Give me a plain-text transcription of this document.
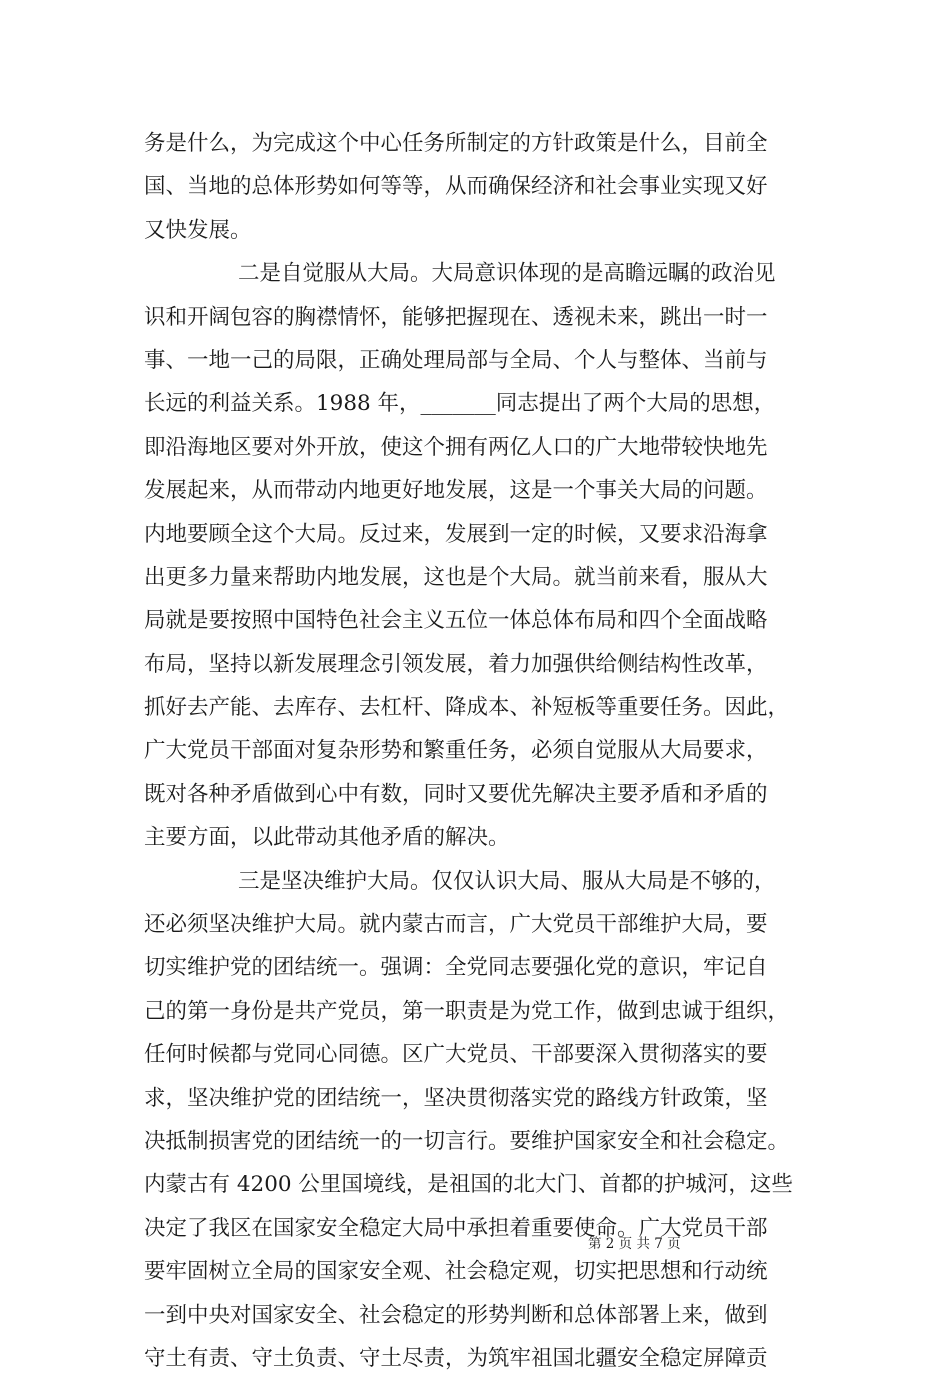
务是什么，为完成这个中心任务所制定的方针政策是什么，目前全
国、当地的总体形势如何等等，从而确保经济和社会事业实现又好
又快发展。
二是自觉服从大局。大局意识体现的是高瞻远瞩的政治见
识和开阔包容的胸襟情怀，能够把握现在、透视未来，跳出一时一
事、一地一己的局限，正确处理局部与全局、个人与整体、当前与
长远的利益关系。1988 年，_______同志提出了两个大局的思想，
即沿海地区要对外开放，使这个拥有两亿人口的广大地带较快地先
发展起来，从而带动内地更好地发展，这是一个事关大局的问题。
内地要顾全这个大局。反过来，发展到一定的时候，又要求沿海拿
出更多力量来帮助内地发展，这也是个大局。就当前来看，服从大
局就是要按照中国特色社会主义五位一体总体布局和四个全面战略
布局，坚持以新发展理念引领发展，着力加强供给侧结构性改革，
抓好去产能、去库存、去杠杆、降成本、补短板等重要任务。因此，
广大党员干部面对复杂形势和繁重任务，必须自觉服从大局要求，
既对各种矛盾做到心中有数，同时又要优先解决主要矛盾和矛盾的
主要方面，以此带动其他矛盾的解决。
三是坚决维护大局。仅仅认识大局、服从大局是不够的，
还必须坚决维护大局。就内蒙古而言，广大党员干部维护大局，要
切实维护党的团结统一。强调：全党同志要强化党的意识，牢记自
己的第一身份是共产党员，第一职责是为党工作，做到忠诚于组织，
任何时候都与党同心同德。区广大党员、干部要深入贯彻落实的要
求，坚决维护党的团结统一，坚决贯彻落实党的路线方针政策，坚
决抵制损害党的团结统一的一切言行。要维护国家安全和社会稳定。
内蒙古有 4200 公里国境线，是祖国的北大门、首都的护城河，这些
决定了我区在国家安全稳定大局中承担着重要使命。广大党员干部
要牢固树立全局的国家安全观、社会稳定观，切实把思想和行动统
一到中央对国家安全、社会稳定的形势判断和总体部署上来，做到
守土有责、守土负责、守土尽责，为筑牢祖国北疆安全稳定屏障贡
第 2 页 共 7 页
